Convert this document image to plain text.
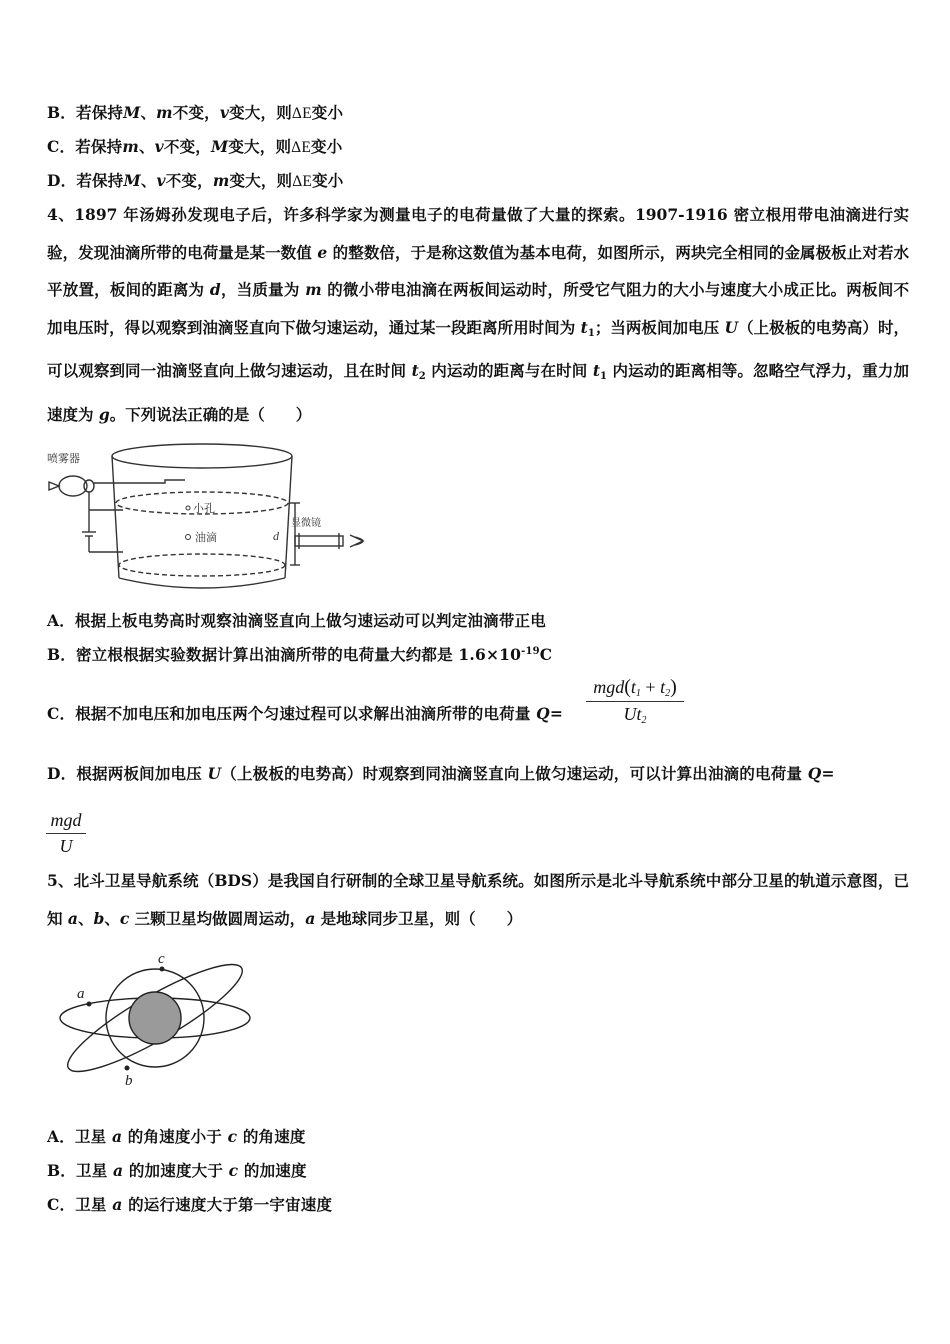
B．若保持M、m不变，v变大，则ΔE变小
C．若保持m、v不变，M变大，则ΔE变小
D．若保持M、v不变，m变大，则ΔE变小
4、1897 年汤姆孙发现电子后，许多科学家为测量电子的电荷量做了大量的探索。1907-1916 密立根用带电油滴进行实验，发现油滴所带的电荷量是某一数值 e 的整数倍，于是称这数值为基本电荷，如图所示，两块完全相同的金属极板止对若水平放置，板间的距离为 d，当质量为 m 的微小带电油滴在两板间运动时，所受它气阻力的大小与速度大小成正比。两板间不加电压时，得以观察到油滴竖直向下做匀速运动，通过某一段距离所用时间为 $t_1$；当两板间加电压 U（上极板的电势高）时，可以观察到同一油滴竖直向上做匀速运动，且在时间 $t_2$ 内运动的距离与在时间 $t_1$ 内运动的距离相等。忽略空气浮力，重力加速度为 g。下列说法正确的是（　　）
喷雾器
小孔
油滴
显微镜
d
A．根据上板电势高时观察油滴竖直向上做匀速运动可以判定油滴带正电
B．密立根根据实验数据计算出油滴所带的电荷量大约都是 $1.6\times 10^{-19}C$
C．根据不加电压和加电压两个匀速过程可以求解出油滴所带的电荷量 Q=
$mgd(t_1 + t_2)$
$Ut_2$
D．根据两板间加电压 U（上极板的电势高）时观察到同油滴竖直向上做匀速运动，可以计算出油滴的电荷量 Q=
mgd
U
5、北斗卫星导航系统（BDS）是我国自行研制的全球卫星导航系统。如图所示是北斗导航系统中部分卫星的轨道示意图，已知 a、b、c 三颗卫星均做圆周运动，a 是地球同步卫星，则（　　）
a
c
b
A．卫星 a 的角速度小于 c 的角速度
B．卫星 a 的加速度大于 c 的加速度
C．卫星 a 的运行速度大于第一宇宙速度
